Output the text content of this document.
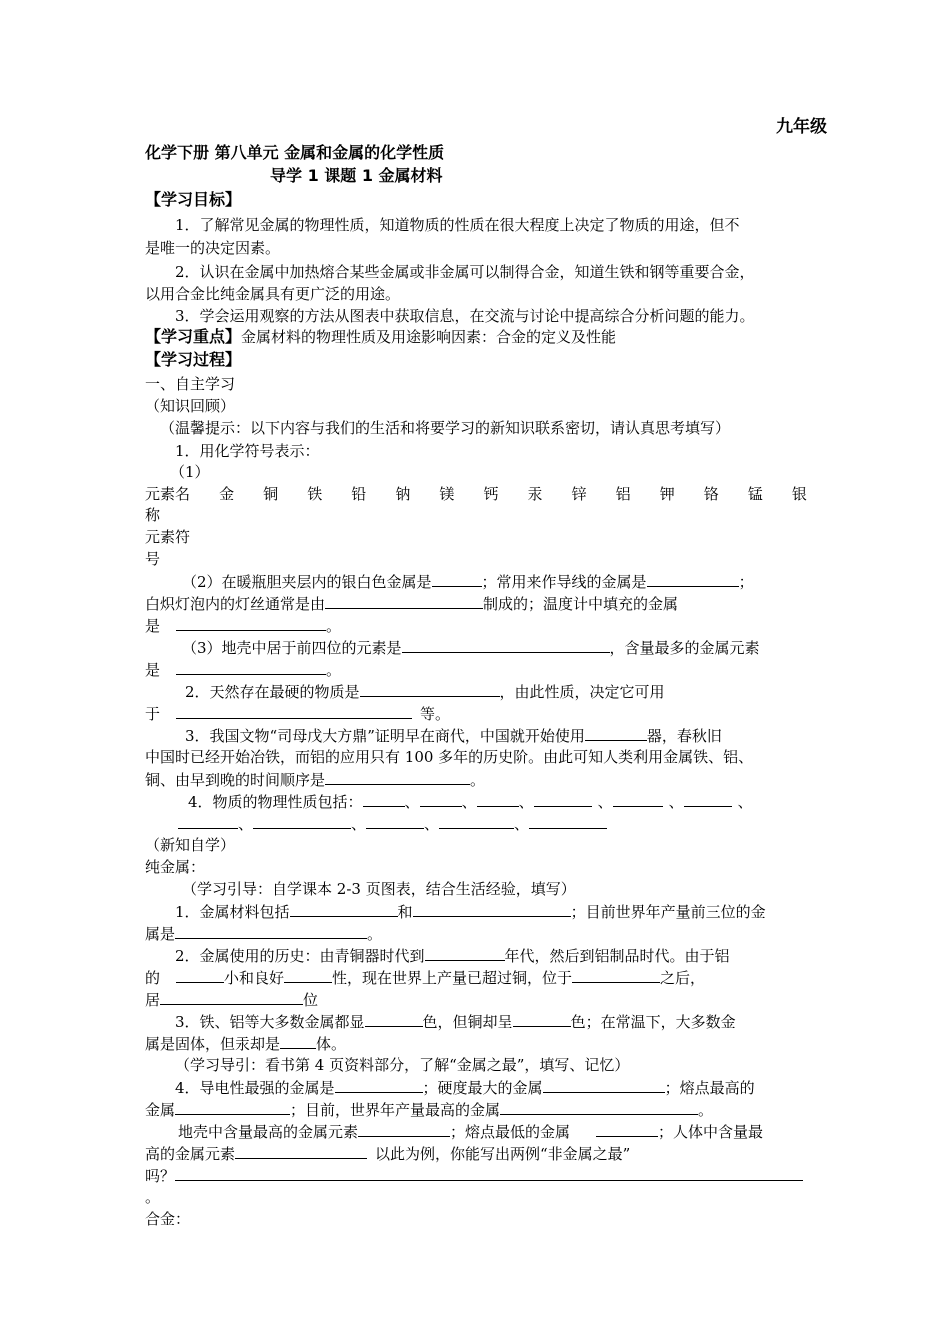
九年级
化学下册 第八单元 金属和金属的化学性质
导学 1 课题 1 金属材料
【学习目标】
1．了解常见金属的物理性质，知道物质的性质在很大程度上决定了物质的用途，但不
是唯一的决定因素。
2．认识在金属中加热熔合某些金属或非金属可以制得合金，知道生铁和钢等重要合金，
以用合金比纯金属具有更广泛的用途。
3．学会运用观察的方法从图表中获取信息，在交流与讨论中提高综合分析问题的能力。
【学习重点】金属材料的物理性质及用途影响因素：合金的定义及性能
【学习过程】
一、自主学习
（知识回顾）
（温馨提示：以下内容与我们的生活和将要学习的新知识联系密切，请认真思考填写）
1．用化学符号表示：
（1）
元素名 金 铜 铁 铅 钠 镁 钙 汞 锌 铝 钾 铬 锰 银
称
元素符
号
（2）在暖瓶胆夹层内的银白色金属是	；常用来作导线的金属是	；
白炽灯泡内的灯丝通常是由	制成的；温度计中填充的金属
是	。
（3）地壳中居于前四位的元素是	，含量最多的金属元素
是	。
2．天然存在最硬的物质是	，由此性质，决定它可用
于	等。
3．我国文物“司母戊大方鼎”证明早在商代，中国就开始使用	器，春秋旧
中国时已经开始冶铁，而铝的应用只有 100 多年的历史阶。由此可知人类利用金属铁、铝、
铜、由早到晚的时间顺序是	。
4．物质的物理性质包括：	、	、	、	、	、	、
、	、	、	、
（新知自学）
纯金属：
（学习引导：自学课本 2-3 页图表，结合生活经验，填写）
1．金属材料包括	和	；目前世界年产量前三位的金
属是	。
2．金属使用的历史：由青铜器时代到	年代，然后到铝制品时代。由于铝
的	小和良好	性，现在世界上产量已超过铜，位于	之后，
居	位
3．铁、铝等大多数金属都显	色，但铜却呈	色；在常温下，大多数金
属是固体，但汞却是 体。
（学习导引：看书第 4 页资料部分，了解“金属之最”，填写、记忆）
4．导电性最强的金属是	；硬度最大的金属	；熔点最高的
金属	；目前，世界年产量最高的金属	。
地壳中含量最高的金属元素	；熔点最低的金属	；人体中含量最
高的金属元素	以此为例，你能写出两例“非金属之最”
吗？
。
合金：
